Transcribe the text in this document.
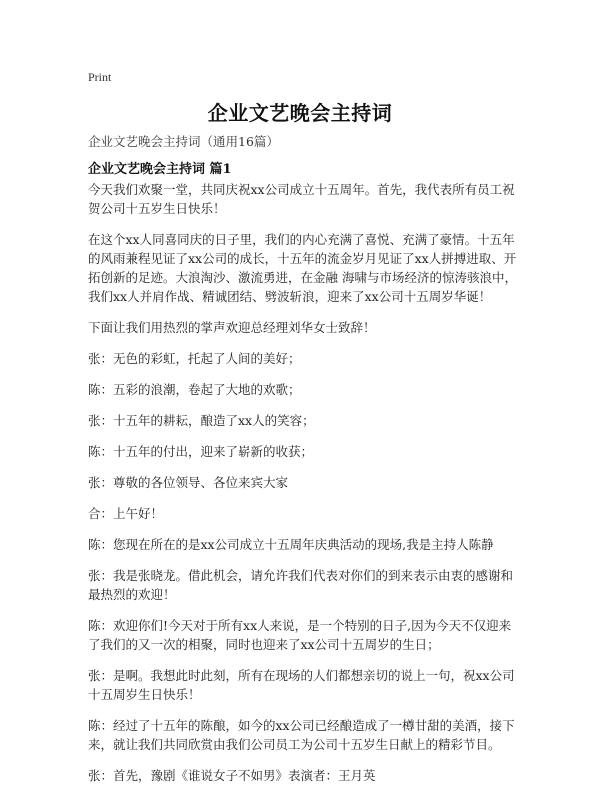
Print
企业文艺晚会主持词
企业文艺晚会主持词（通用16篇）
企业文艺晚会主持词 篇1

今天我们欢聚一堂，共同庆祝xx公司成立十五周年。首先，我代表所有员工祝贺公司十五岁生日快乐！

在这个xx人同喜同庆的日子里，我们的内心充满了喜悦、充满了豪情。十五年的风雨兼程见证了xx公司的成长，十五年的流金岁月见证了xx人拼搏进取、开拓创新的足迹。大浪淘沙、激流勇进，在金融 海啸与市场经济的惊涛骇浪中，我们xx人并肩作战、精诚团结、劈波斩浪，迎来了xx公司十五周岁华诞！

下面让我们用热烈的掌声欢迎总经理刘华女士致辞！

张：无色的彩虹，托起了人间的美好；

陈：五彩的浪潮，卷起了大地的欢歌；

张：十五年的耕耘，酿造了xx人的笑容；

陈：十五年的付出，迎来了崭新的收获；

张：尊敬的各位领导、各位来宾大家

合：上午好！

陈：您现在所在的是xx公司成立十五周年庆典活动的现场,我是主持人陈静

张：我是张晓龙。借此机会，请允许我们代表对你们的到来表示由衷的感谢和最热烈的欢迎！

陈：欢迎你们!今天对于所有xx人来说，是一个特别的日子,因为今天不仅迎来了我们的又一次的相聚，同时也迎来了xx公司十五周岁的生日；

张：是啊。我想此时此刻，所有在现场的人们都想亲切的说上一句，祝xx公司十五周岁生日快乐！

陈：经过了十五年的陈酿，如今的xx公司已经酿造成了一樽甘甜的美酒，接下来，就让我们共同欣赏由我们公司员工为公司十五岁生日献上的精彩节目。

张：首先，豫剧《谁说女子不如男》表演者：王月英
